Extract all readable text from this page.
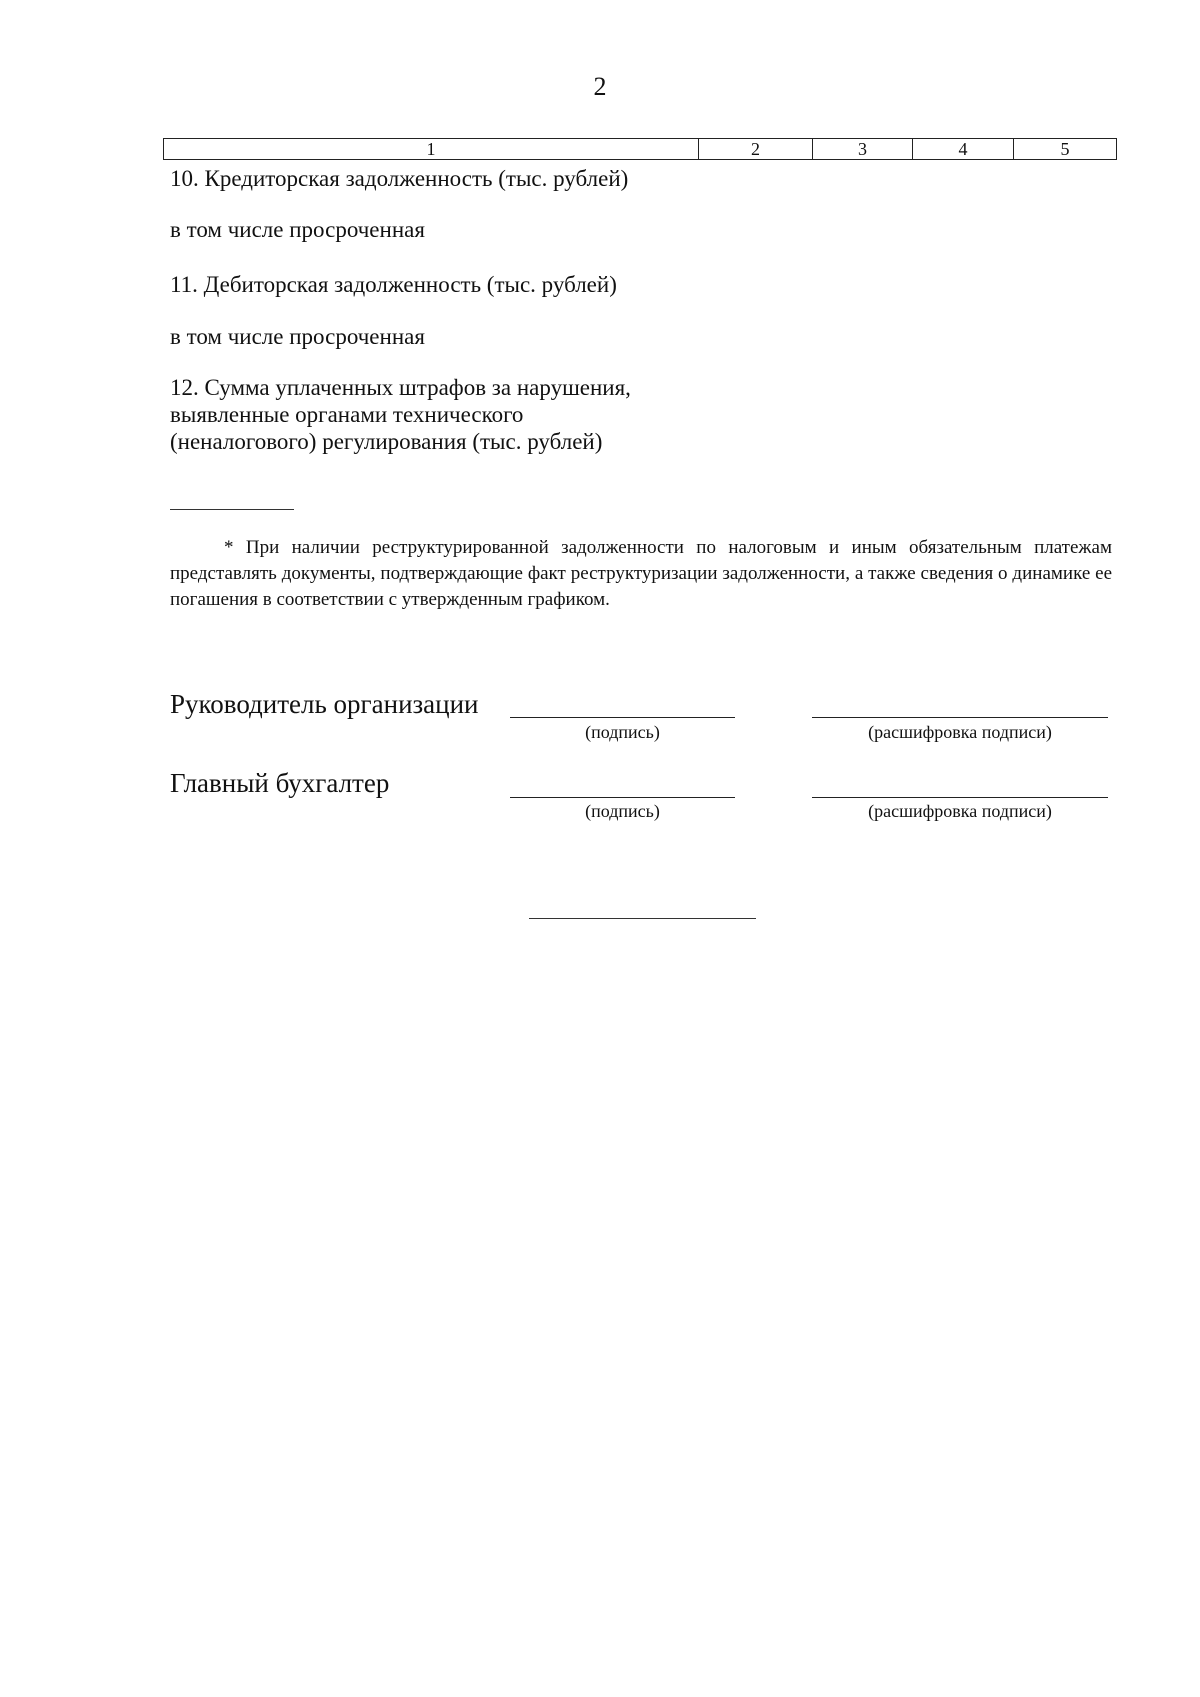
2
1	2	3	4	5
10. Кредиторская задолженность (тыс. рублей)
в том числе просроченная
11. Дебиторская задолженность (тыс. рублей)
в том числе просроченная
12. Сумма уплаченных штрафов за нарушения,
выявленные органами технического
(неналогового) регулирования (тыс. рублей)
* При наличии реструктурированной задолженности по налоговым и иным обязательным платежам представлять документы, подтверждающие факт реструктуризации задолженности, а также сведения о динамике ее погашения в соответствии с утвержденным графиком.
Руководитель организации
(подпись)	(расшифровка подписи)
Главный бухгалтер
(подпись)	(расшифровка подписи)
